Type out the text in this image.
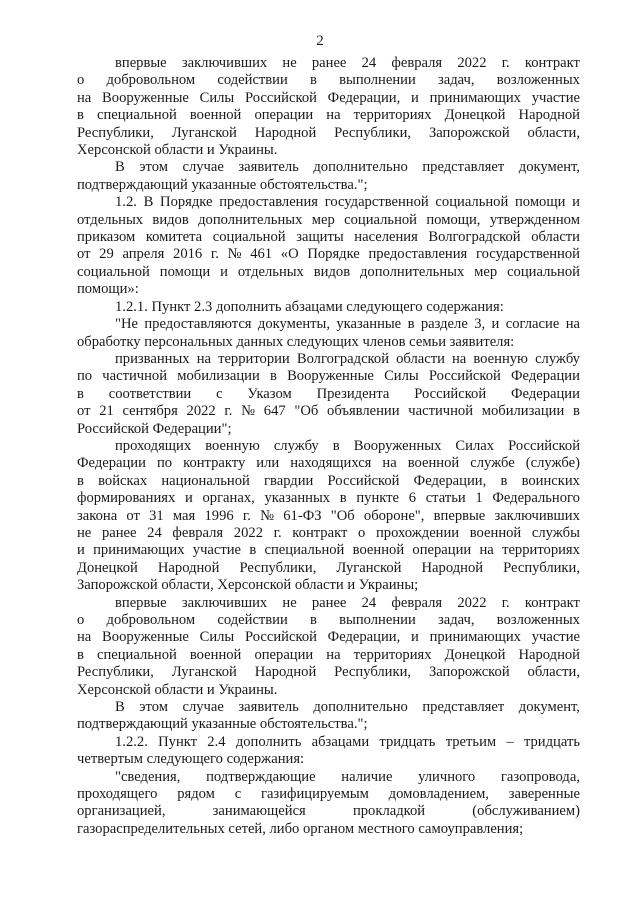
2
впервые заключивших не ранее 24 февраля 2022 г. контракт
о добровольном содействии в выполнении задач, возложенных
на Вооруженные Силы Российской Федерации, и принимающих участие
в специальной военной операции на территориях Донецкой Народной
Республики, Луганской Народной Республики, Запорожской области,
Херсонской области и Украины.
В этом случае заявитель дополнительно представляет документ,
подтверждающий указанные обстоятельства.";
1.2. В Порядке предоставления государственной социальной помощи и
отдельных видов дополнительных мер социальной помощи, утвержденном
приказом комитета социальной защиты населения Волгоградской области
от 29 апреля 2016 г. № 461 «О Порядке предоставления государственной
социальной помощи и отдельных видов дополнительных мер социальной
помощи»:
1.2.1. Пункт 2.3 дополнить абзацами следующего содержания:
"Не предоставляются документы, указанные в разделе 3, и согласие на
обработку персональных данных следующих членов семьи заявителя:
призванных на территории Волгоградской области на военную службу
по частичной мобилизации в Вооруженные Силы Российской Федерации
в соответствии с Указом Президента Российской Федерации
от 21 сентября 2022 г. № 647 "Об объявлении частичной мобилизации в
Российской Федерации";
проходящих военную службу в Вооруженных Силах Российской
Федерации по контракту или находящихся на военной службе (службе)
в войсках национальной гвардии Российской Федерации, в воинских
формированиях и органах, указанных в пункте 6 статьи 1 Федерального
закона от 31 мая 1996 г. № 61-ФЗ "Об обороне", впервые заключивших
не ранее 24 февраля 2022 г. контракт о прохождении военной службы
и принимающих участие в специальной военной операции на территориях
Донецкой Народной Республики, Луганской Народной Республики,
Запорожской области, Херсонской области и Украины;
впервые заключивших не ранее 24 февраля 2022 г. контракт
о добровольном содействии в выполнении задач, возложенных
на Вооруженные Силы Российской Федерации, и принимающих участие
в специальной военной операции на территориях Донецкой Народной
Республики, Луганской Народной Республики, Запорожской области,
Херсонской области и Украины.
В этом случае заявитель дополнительно представляет документ,
подтверждающий указанные обстоятельства.";
1.2.2. Пункт 2.4 дополнить абзацами тридцать третьим – тридцать
четвертым следующего содержания:
"сведения, подтверждающие наличие уличного газопровода,
проходящего рядом с газифицируемым домовладением, заверенные
организацией,	занимающейся	прокладкой	(обслуживанием)
газораспределительных сетей, либо органом местного самоуправления;
